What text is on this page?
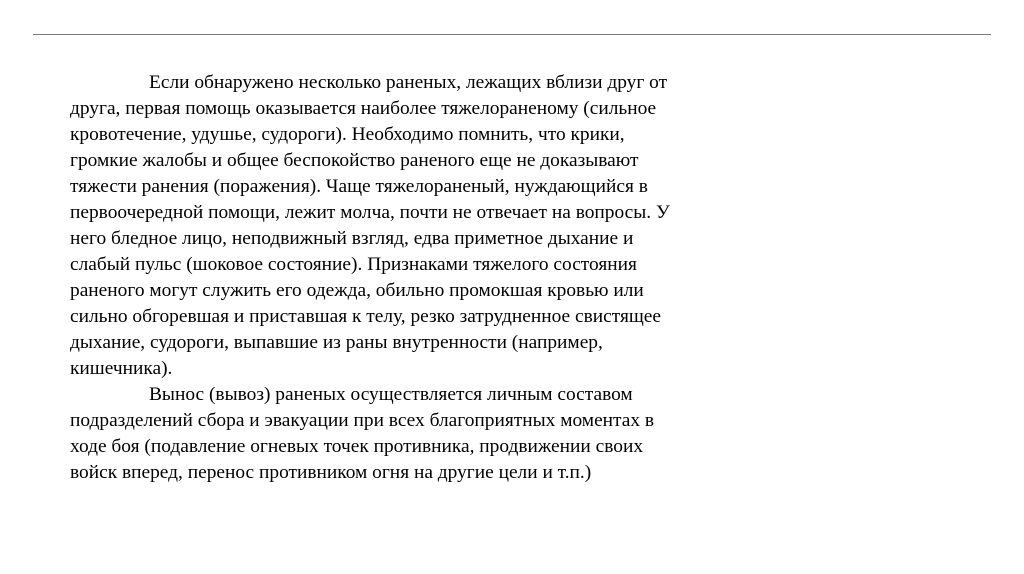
Если обнаружено несколько раненых, лежащих вблизи друг от
друга, первая помощь оказывается наиболее тяжелораненому (сильное
кровотечение, удушье, судороги). Необходимо помнить, что крики,
громкие жалобы и общее беспокойство раненого еще не доказывают
тяжести ранения (поражения). Чаще тяжелораненый, нуждающийся в
первоочередной помощи, лежит молча, почти не отвечает на вопросы. У
него бледное лицо, неподвижный взгляд, едва приметное дыхание и
слабый пульс (шоковое состояние). Признаками тяжелого состояния
раненого могут служить его одежда, обильно промокшая кровью или
сильно обгоревшая и приставшая к телу, резко затрудненное свистящее
дыхание, судороги, выпавшие из раны внутренности (например,
кишечника).
Вынос (вывоз) раненых осуществляется личным составом
подразделений сбора и эвакуации при всех благоприятных моментах в
ходе боя (подавление огневых точек противника, продвижении своих
войск вперед, перенос противником огня на другие цели и т.п.)
